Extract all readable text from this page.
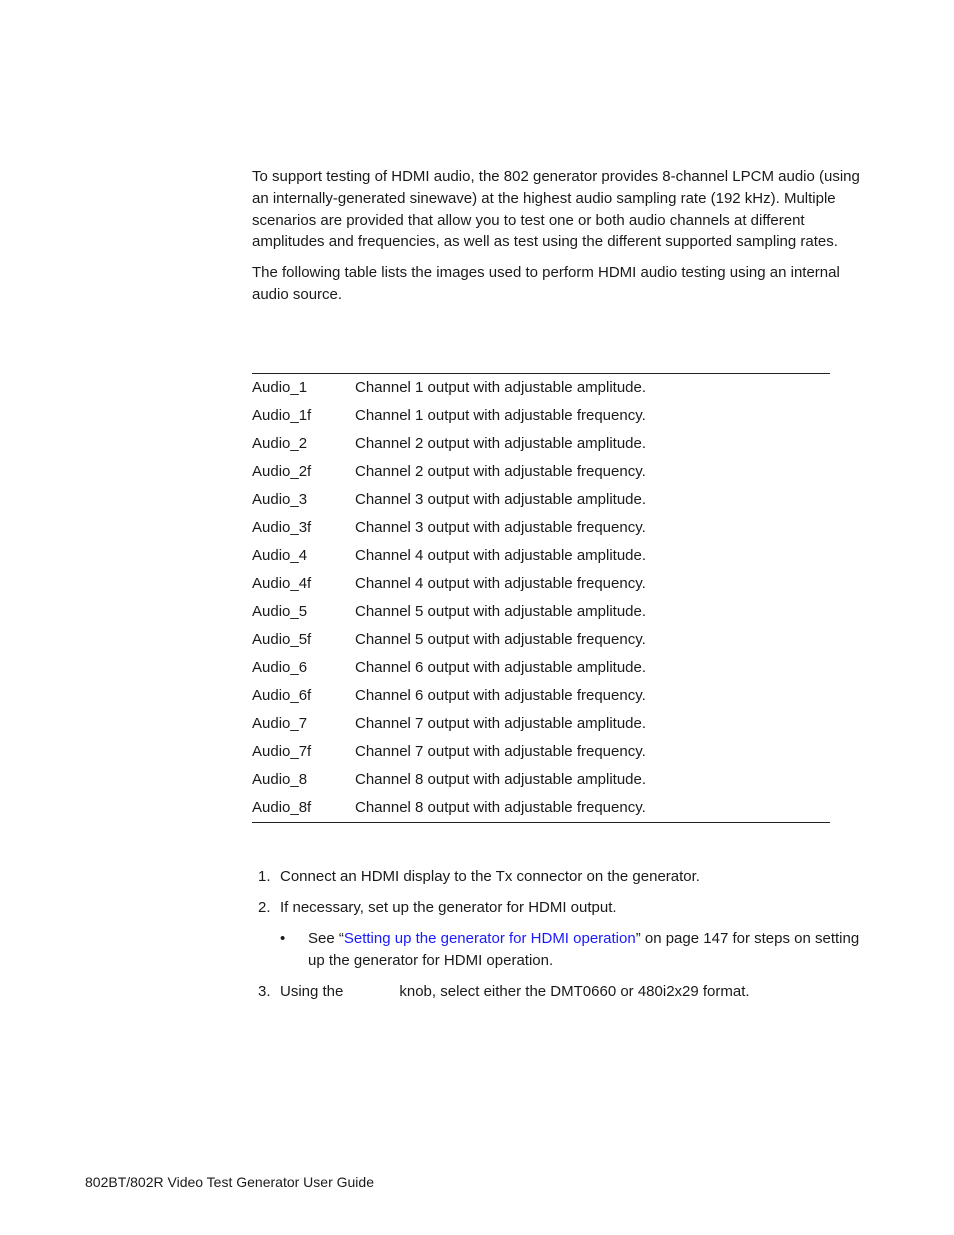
To support testing of HDMI audio, the 802 generator provides 8-channel LPCM audio (using an internally-generated sinewave) at the highest audio sampling rate (192 kHz). Multiple scenarios are provided that allow you to test one or both audio channels at different amplitudes and frequencies, as well as test using the different supported sampling rates.

The following table lists the images used to perform HDMI audio testing using an internal audio source.

Audio_1	Channel 1 output with adjustable amplitude.
Audio_1f	Channel 1 output with adjustable frequency.
Audio_2	Channel 2 output with adjustable amplitude.
Audio_2f	Channel 2 output with adjustable frequency.
Audio_3	Channel 3 output with adjustable amplitude.
Audio_3f	Channel 3 output with adjustable frequency.
Audio_4	Channel 4 output with adjustable amplitude.
Audio_4f	Channel 4 output with adjustable frequency.
Audio_5	Channel 5 output with adjustable amplitude.
Audio_5f	Channel 5 output with adjustable frequency.
Audio_6	Channel 6 output with adjustable amplitude.
Audio_6f	Channel 6 output with adjustable frequency.
Audio_7	Channel 7 output with adjustable amplitude.
Audio_7f	Channel 7 output with adjustable frequency.
Audio_8	Channel 8 output with adjustable amplitude.
Audio_8f	Channel 8 output with adjustable frequency.
1. Connect an HDMI display to the Tx connector on the generator.
2. If necessary, set up the generator for HDMI output.
• See “Setting up the generator for HDMI operation” on page 147 for steps on setting up the generator for HDMI operation.
3. Using the	knob, select either the DMT0660 or 480i2x29 format.
802BT/802R Video Test Generator User Guide
